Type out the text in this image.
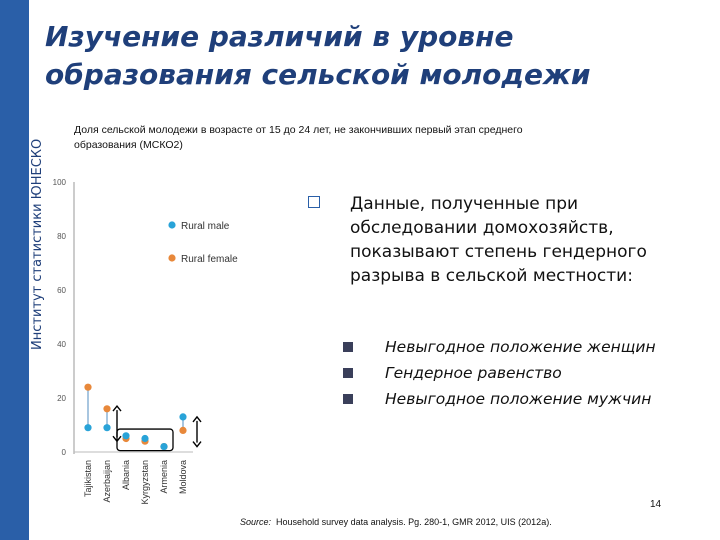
Институт статистики ЮНЕСКО
Изучение различий в уровне образования сельской молодежи
Доля сельской молодежи в возрасте от 15 до 24 лет, не закончивших первый этап среднего образования (МСКО2)
100
80
60
40
20
0
Tajikistan Azerbaijan Albania Kyrgyzstan Armenia Moldova
Rural male
Rural female
Данные, полученные при обследовании домохозяйств, показывают степень гендерного разрыва в сельской местности:
Невыгодное положение женщин
Гендерное равенство
Невыгодное положение мужчин
14
Source: Household survey data analysis. Pg. 280-1, GMR 2012, UIS (2012a).
